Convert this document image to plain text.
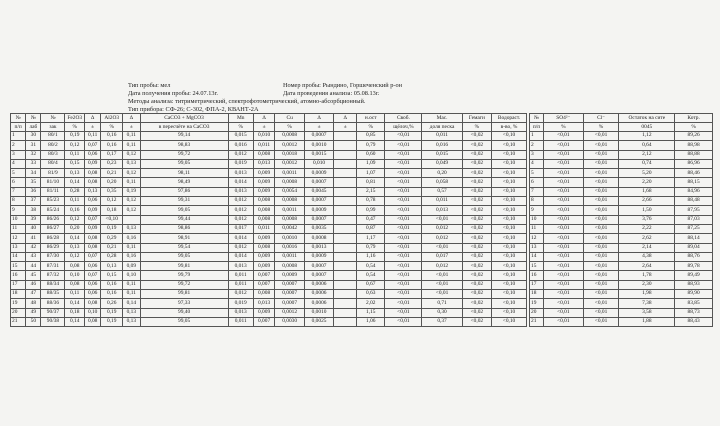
Тип пробы: мел
Дата получения пробы: 24.07.13г.
Методы анализа: титриметрический, спектрофотометрический, атомно-абсорбционный.
Тип прибора: СФ-26; С-302, ФПА-2, КВАНТ-2А
Номер пробы: Рындино, Горшеченский р-он
Дата проведения анализа: 05.08.13г.
№	№	№	Fe2O3	Δ	Al2O3	Δ	CaCO3 + MgCO3	Mn	Δ	Cu	Δ	Δ	н.ост	Своб.	Мас.	Гемаги	Водораст.
п/п	лаб	зак	%	±	%	±	в пересчёте на CaCO3	%	±	%	±	±	%	щёлоч,%	доля песка	%	в-во, %
1	30	80/1	0,19	0,11	0,16	0,11	99,14	0,015	0,010	0,0008	0,0007		0,85	<0,01	0,011	<0,02	<0,10
2	31	80/2	0,12	0,07	0,16	0,11	98,83	0,016	0,011	0,0012	0,0010		0,79	<0,01	0,016	<0,02	<0,10
3	32	80/3	0,11	0,06	0,17	0,12	99,72	0,012	0,008	0,0018	0,0015		0,60	<0,01	0,015	<0,02	<0,10
4	33	80/4	0,15	0,09	0,23	0,13	99,05	0,019	0,013	0,0012	0,010		1,09	<0,01	0,049	<0,02	<0,10
5	34	81/9	0,13	0,08	0,21	0,12	98,11	0,013	0,009	0,0011	0,0009		1,07	<0,01	0,20	<0,02	<0,10
6	35	81/10	0,14	0,08	0,20	0,11	98,49	0,014	0,009	0,0008	0,0007		0,81	<0,01	0,058	<0,02	<0,10
7	36	81/11	0,28	0,13	0,35	0,19	97,86	0,013	0,009	0,0054	0,0045		2,15	<0,01	0,57	<0,02	<0,10
8	37	85/23	0,11	0,06	0,12	0,12	99,31	0,012	0,008	0,0008	0,0007		0,78	<0,01	0,011	<0,02	<0,10
9	38	85/24	0,16	0,09	0,18	0,12	99,05	0,012	0,008	0,0011	0,0009		0,99	<0,01	0,013	<0,02	<0,10
10	39	86/26	0,12	0,07	<0,10		99,44	0,012	0,008	0,0008	0,0007		0,47	<0,01	<0,01	<0,02	<0,10
11	40	86/27	0,20	0,09	0,19	0,13	98,86	0,017	0,011	0,0042	0,0035		0,87	<0,01	0,012	<0,02	<0,10
12	41	86/28	0,14	0,08	0,29	0,16	98,91	0,014	0,009	0,0010	0,0008		1,17	<0,01	0,012	<0,02	<0,10
13	42	86/29	0,13	0,08	0,21	0,11	99,54	0,012	0,008	0,0016	0,0013		0,79	<0,01	<0,01	<0,02	<0,10
14	43	87/30	0,12	0,07	0,28	0,16	99,05	0,014	0,009	0,0011	0,0009		1,16	<0,01	0,017	<0,02	<0,10
15	44	87/31	0,08	0,06	0,13	0,09	99,81	0,013	0,009	0,0008	0,0007		0,54	<0,01	0,012	<0,02	<0,10
16	45	87/32	0,10	0,07	0,15	0,10	99,79	0,011	0,007	0,0009	0,0007		0,54	<0,01	<0,01	<0,02	<0,10
17	46	88/34	0,08	0,06	0,16	0,11	99,72	0,011	0,007	0,0007	0,0006		0,67	<0,01	<0,01	<0,02	<0,10
18	47	88/35	0,11	0,06	0,16	0,11	99,81	0,012	0,008	0,0007	0,0006		0,63	<0,01	<0,01	<0,02	<0,10
19	48	88/36	0,14	0,08	0,26	0,14	97,33	0,019	0,013	0,0007	0,0006		2,02	<0,01	0,71	<0,02	<0,10
20	49	90/37	0,18	0,10	0,19	0,13	99,40	0,013	0,009	0,0012	0,0010		1,15	<0,01	0,30	<0,02	<0,10
21	50	90/38	0,14	0,08	0,19	0,13	99,05	0,011	0,007	0,0030	0,0025		1,06	<0,01	0,37	<0,02	<0,10
№	SO4²⁻	Cl⁻	Остаток на сите	Котр.
п/п	%	%	0045	%
1	<0,01	<0,01	1,12	89,26
2	<0,01	<0,01	0,64	88,98
3	<0,01	<0,01	2,12	88,88
4	<0,01	<0,01	0,74	86,96
5	<0,01	<0,01	5,20	88,46
6	<0,01	<0,01	2,20	88,15
7	<0,01	<0,01	1,68	84,96
8	<0,01	<0,01	2,66	88,48
9	<0,01	<0,01	1,50	87,95
10	<0,01	<0,01	3,76	87,03
11	<0,01	<0,01	2,22	87,25
12	<0,01	<0,01	2,62	88,14
13	<0,01	<0,01	2,14	89,04
14	<0,01	<0,01	4,38	88,76
15	<0,01	<0,01	2,64	89,78
16	<0,01	<0,01	1,78	89,49
17	<0,01	<0,01	2,30	88,93
18	<0,01	<0,01	1,98	89,90
19	<0,01	<0,01	7,38	83,85
20	<0,01	<0,01	3,58	88,73
21	<0,01	<0,01	1,88	88,43
